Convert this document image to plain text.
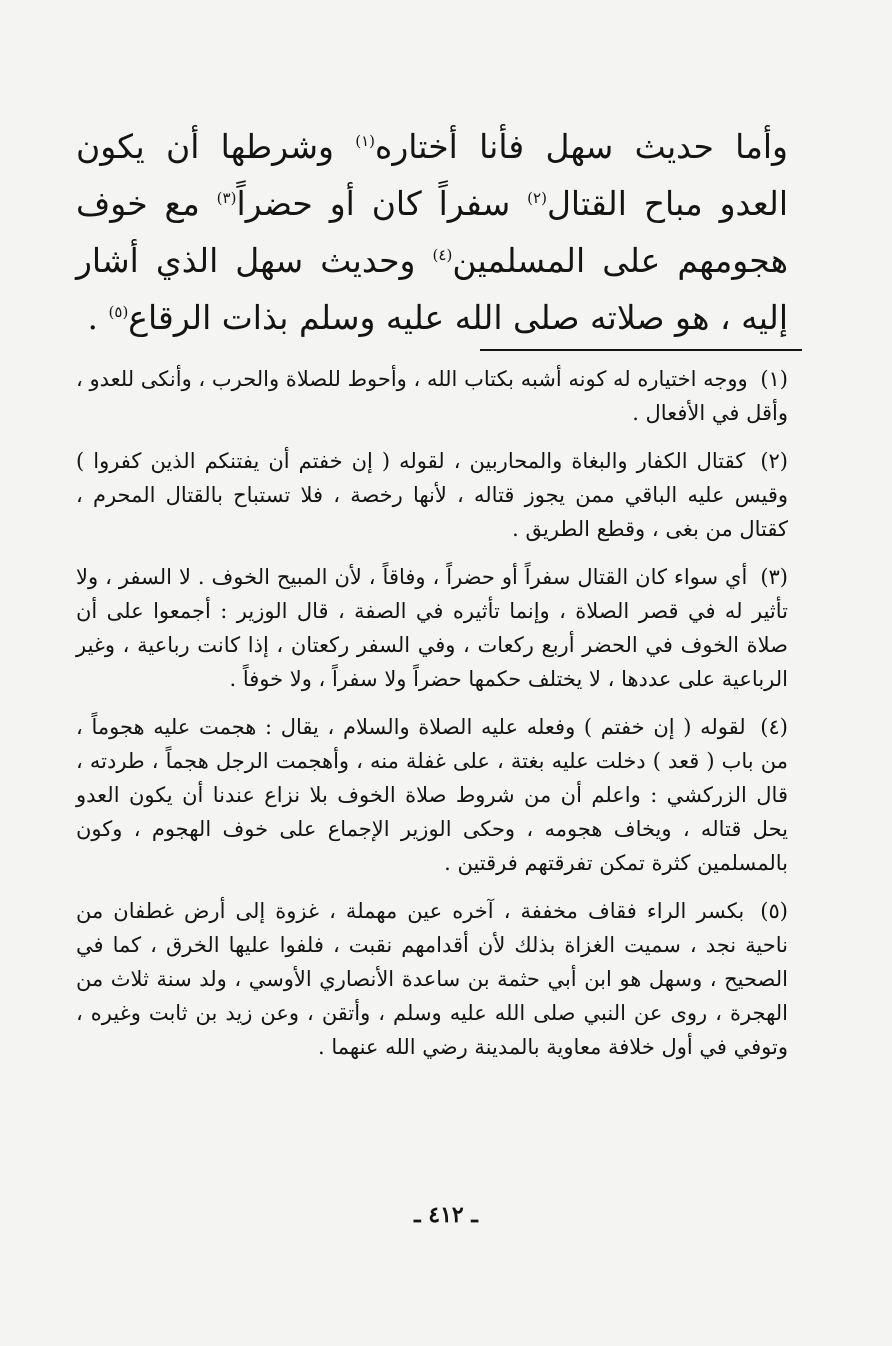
وأما حديث سهل فأنا أختاره$^{(١)}$ وشرطها أن يكون العدو مباح القتال$^{(٢)}$ سفراً كان أو حضراً$^{(٣)}$ مع خوف هجومهم على المسلمين$^{(٤)}$ وحديث سهل الذي أشار إليه ، هو صلاته صلى الله عليه وسلم بذات الرقاع$^{(٥)}$ .

(١) ووجه اختياره له كونه أشبه بكتاب الله ، وأحوط للصلاة والحرب ، وأنكى للعدو ، وأقل في الأفعال .

(٢) كقتال الكفار والبغاة والمحاربين ، لقوله ( إن خفتم أن يفتنكم الذين كفروا ) وقيس عليه الباقي ممن يجوز قتاله ، لأنها رخصة ، فلا تستباح بالقتال المحرم ، كقتال من بغى ، وقطع الطريق .

(٣) أي سواء كان القتال سفراً أو حضراً ، وفاقاً ، لأن المبيح الخوف . لا السفر ، ولا تأثير له في قصر الصلاة ، وإنما تأثيره في الصفة ، قال الوزير : أجمعوا على أن صلاة الخوف في الحضر أربع ركعات ، وفي السفر ركعتان ، إذا كانت رباعية ، وغير الرباعية على عددها ، لا يختلف حكمها حضراً ولا سفراً ، ولا خوفاً .

(٤) لقوله ( إن خفتم ) وفعله عليه الصلاة والسلام ، يقال : هجمت عليه هجوماً ، من باب ( قعد ) دخلت عليه بغتة ، على غفلة منه ، وأهجمت الرجل هجماً ، طردته ، قال الزركشي : واعلم أن من شروط صلاة الخوف بلا نزاع عندنا أن يكون العدو يحل قتاله ، ويخاف هجومه ، وحكى الوزير الإجماع على خوف الهجوم ، وكون بالمسلمين كثرة تمكن تفرقتهم فرقتين .

(٥) بكسر الراء فقاف مخففة ، آخره عين مهملة ، غزوة إلى أرض غطفان من ناحية نجد ، سميت الغزاة بذلك لأن أقدامهم نقبت ، فلفوا عليها الخرق ، كما في الصحيح ، وسهل هو ابن أبي حثمة بن ساعدة الأنصاري الأوسي ، ولد سنة ثلاث من الهجرة ، روى عن النبي صلى الله عليه وسلم ، وأتقن ، وعن زيد بن ثابت وغيره ، وتوفي في أول خلافة معاوية بالمدينة رضي الله عنهما .

ـ ٤١٢ ـ
